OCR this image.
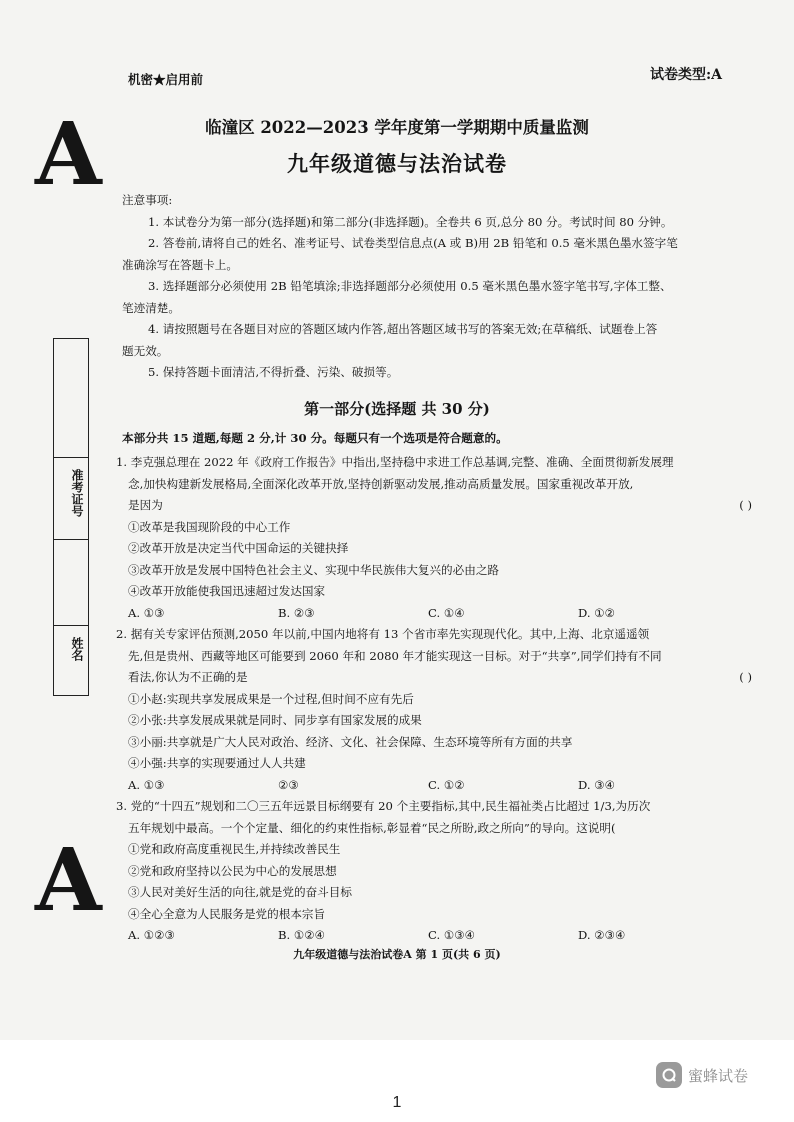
机密★启用前	试卷类型:A
A
A
临潼区 2022—2023 学年度第一学期期中质量监测
九年级道德与法治试卷

注意事项:

1. 本试卷分为第一部分(选择题)和第二部分(非选择题)。全卷共 6 页,总分 80 分。考试时间 80 分钟。

2. 答卷前,请将自己的姓名、准考证号、试卷类型信息点(A 或 B)用 2B 铅笔和 0.5 毫米黑色墨水签字笔

准确涂写在答题卡上。

3. 选择题部分必须使用 2B 铅笔填涂;非选择题部分必须使用 0.5 毫米黑色墨水签字笔书写,字体工整、

笔迹清楚。

4. 请按照题号在各题目对应的答题区域内作答,超出答题区域书写的答案无效;在草稿纸、试题卷上答

题无效。

5. 保持答题卡面清洁,不得折叠、污染、破损等。

第一部分(选择题 共 30 分)
本部分共 15 道题,每题 2 分,计 30 分。每题只有一个选项是符合题意的。

1. 李克强总理在 2022 年《政府工作报告》中指出,坚持稳中求进工作总基调,完整、准确、全面贯彻新发展理

念,加快构建新发展格局,全面深化改革开放,坚持创新驱动发展,推动高质量发展。国家重视改革开放,

是因为	( )

①改革是我国现阶段的中心工作

②改革开放是决定当代中国命运的关键抉择

③改革开放是发展中国特色社会主义、实现中华民族伟大复兴的必由之路

④改革开放能使我国迅速超过发达国家

A. ①③	B. ②③	C. ①④	D. ①②

2. 据有关专家评估预测,2050 年以前,中国内地将有 13 个省市率先实现现代化。其中,上海、北京遥遥领

先,但是贵州、西藏等地区可能要到 2060 年和 2080 年才能实现这一目标。对于“共享”,同学们持有不同

看法,你认为不正确的是	( )

①小赵:实现共享发展成果是一个过程,但时间不应有先后

②小张:共享发展成果就是同时、同步享有国家发展的成果

③小丽:共享就是广大人民对政治、经济、文化、社会保障、生态环境等所有方面的共享

④小强:共享的实现要通过人人共建

A. ①③	②③	C. ①②	D. ③④

3. 党的“十四五”规划和二〇三五年远景目标纲要有 20 个主要指标,其中,民生福祉类占比超过 1/3,为历次

五年规划中最高。一个个定量、细化的约束性指标,彰显着“民之所盼,政之所向”的导向。这说明(

①党和政府高度重视民生,并持续改善民生

②党和政府坚持以公民为中心的发展思想

③人民对美好生活的向往,就是党的奋斗目标

④全心全意为人民服务是党的根本宗旨

A. ①②③	B. ①②④	C. ①③④	D. ②③④
准考证号
姓名
九年级道德与法治试卷A 第 1 页(共 6 页)
蜜蜂试卷
1
